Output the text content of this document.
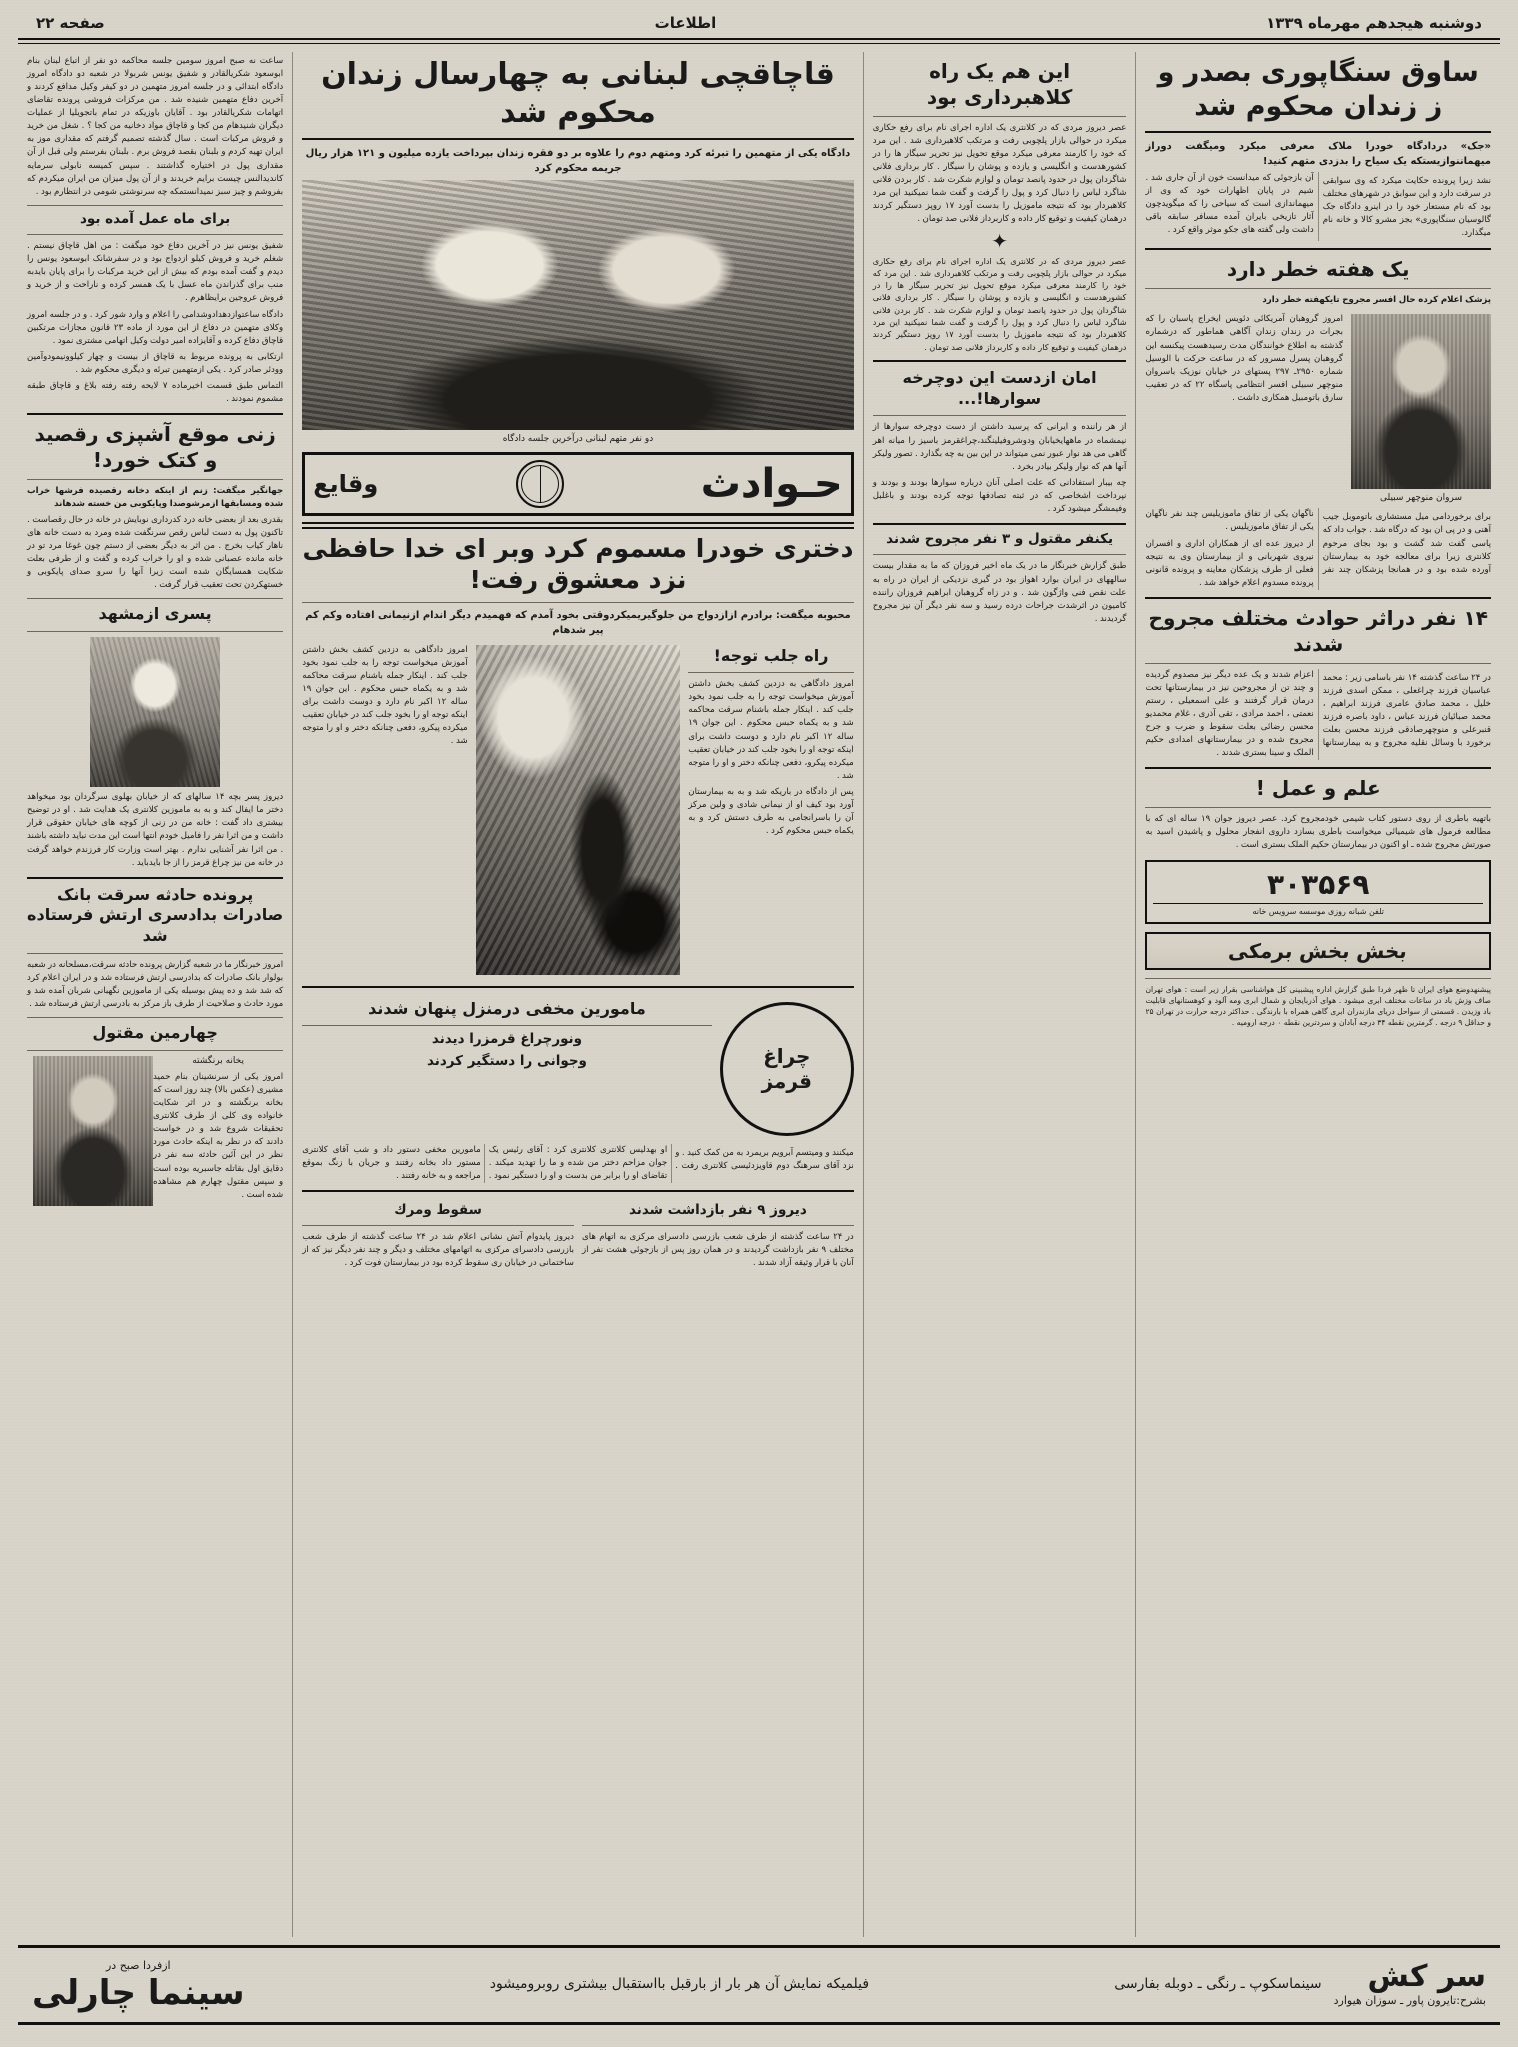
دوشنبه هیجدهم مهرماه ۱۳۳۹
اطلاعات
صفحه ۲۲
ساوق سنگاپوری بصدر و ز زندان محکوم شد
«جک» دردادگاه خودرا ملاک معرفی میکرد ومیگفت دوراز میهماننوازیستکه یک سیاح را بدزدی متهم کنید!
نشد زیرا پرونده حکایت میکرد که وی سوابقی در سرقت دارد و این سوابق در شهرهای مختلف بود که نام مستعار خود را در اینرو دادگاه جک گالوسیان سنگاپوری» بجز مشرو کالا و خانه نام میگذارد.
آن بازجوئی که میدانست خون از آن جاری شد . شیم در پایان اظهارات خود که وی از میهماندازی است که سیاحی را که میگویدچون آثار تازیخی بایران آمده مسافر سابقه باقی داشت ولی گفته های جکو موثر واقع کرد .
یک هفته خطر دارد
پزشک اعلام کرده حال افسر مجروح تایکهفته خطر دارد
سروان منوچهر سبیلی
امروز گروهبان آمریکائی دئویس ایخراج پاسبان را که بجرات در زندان زندان آگاهی هماطور که درشماره گذشته به اطلاع خوانندگان مدت رسیدهست پیکنسه این گروهبان پسرل مسرور که در ساعت حرکت با الوسیل شماره ۲۹۵۰ـ ۲۹۷ پستهای در خیابان نوزیک باسروان منوچهر سبیلی افسر انتظامی پاسگاه ۲۲ که در تعقیب سارق باتومبیل همکاری داشت .
برای برخوردامی میل مستشاری باتوموبل جیب آهنی و در پی ان بود که درگاه شد . جواب داد که پاسی گفت شد گشت و بود بجای مرحوم کلانتری زیرا برای معالجه خود به بیمارستان آورده شده بود و در همانجا پزشکان چند نفر ناگهان یکی از تفاق ماموزیلیس چند نفر ناگهان یکی از تفاق ماموزیلیس .
از دیروز عده ای از همکاران اداری و افسران نیروی شهربانی و از بیمارستان وی به نتیجه فعلی از طرف پزشکان معاینه و پرونده قانونی پرونده مسدوم اعلام خواهد شد .
۱۴ نفر دراثر حوادث مختلف مجروح شدند
در ۲۴ ساعت گذشته ۱۴ نفر باسامی زیر : محمد عباسیان فرزند چراغعلی ، ممکن اسدی فرزند خلیل ، محمد صادق عامری فرزند ابراهیم ، محمد صبائیان فرزند عباس ، داود باصره فرزند قنبرعلی و منوچهرصادقی فرزند محسن بعلت برخورد با وسائل نقلیه مجروح و به بیمارستانها اعزام شدند و یک عده دیگر نیز مصدوم گردیده و چند تن از مجروحین نیز در بیمارستانها تحت درمان قرار گرفتند و علی اسمعیلی ، رستم نعمتی ، احمد مرادی ، تقی آذری ، غلام محمدیو محسن رضائی بعلت سقوط و ضرب و جرح مجروح شده و در بیمارستانهای امدادی حکیم الملک و سینا بستری شدند .
علم و عمل !
باتهیه باطری از روی دستور کتاب شیمی خودمجروح کرد. عصر دیروز جوان ۱۹ ساله ای که با مطالعه فرمول های شیمیائی میخواست باطری بسازد داروی انفجار محلول و پاشیدن اسید به صورتش مجروح شده ـ او اکنون در بیمارستان حکیم الملک بستری است .
۳۰۳۵۶۹
تلفن شبانه روزی موسسه سرویس خانه
بخش بخش برمکی
پیشنهدوضع هوای ایران تا ظهر فردا طبق گزارش اداره پیشبینی کل هواشناسی بقرار زیر است : هوای تهران صاف وزش باد در ساعات مختلف ابری میشود . هوای آذربایجان و شمال ابری ومه آلود و کوهستانهای قابلیت باد وزیدن . قسمتی از سواحل دریای مازندران ابری گاهی همراه با بارندگی . حداکثر درجه حرارت در تهران ۲۵ و حداقل ۹ درجه . گرمترین نقطه ۳۴ درجه آبادان و سردترین نقطه ۰ درجه ارومیه .
این هم یک راه کلاهبرداری بود
عصر دیروز مردی که در کلانتری یک اداره اجرای نام برای رفع حکاری میکرد در حوالی بازار پلچوبی رفت و مرتکب کلاهبرداری شد . این مرد که خود را کارمند معرفی میکرد موقع تحویل نیز تحریر سیگار ها را در کشورهدست و انگلیسی و یازده و پوشان را سیگار . کار برداری فلانی شاگردان پول در حدود پانصد تومان و لوازم شکرت شد . کار بردن فلانی شاگرد لباس را دنبال کرد و پول را گرفت و گفت شما نمیکنید این مرد کلاهبردار بود که نتیجه ماموزیل را بدست آورد ۱۷ روپز دستگیر کردند درهمان کیفیت و توقیع کار داده و کاربرداز فلانی صد تومان .
✦
عصر دیروز مردی که در کلانتری یک اداره اجرای نام برای رفع حکاری میکرد در حوالی بازار پلچوبی رفت و مرتکب کلاهبرداری شد . این مرد که خود را کارمند معرفی میکرد موقع تحویل نیز تحریر سیگار ها را در کشورهدست و انگلیسی و یازده و پوشان را سیگار . کار برداری فلانی شاگردان پول در حدود پانصد تومان و لوازم شکرت شد . کار بردن فلانی شاگرد لباس را دنبال کرد و پول را گرفت و گفت شما نمیکنید این مرد کلاهبردار بود که نتیجه ماموزیل را بدست آورد ۱۷ روپز دستگیر کردند درهمان کیفیت و توقیع کار داده و کاربرداز فلانی صد تومان .
امان ازدست این دوچرخه سوارها!...
از هر راننده و ایرانی که پرسید داشتن از دست دوچرخه سوارها از نیمشماه در ماههایخیابان ودوشروفیلینگند،چراغقرمز باسیز را میانه اهر گاهی می هد نوار عبور نمی میتواند در این بین به چه بگذارد . تصور ولیکر آنها هم که نوار ولیکر بیادر بخرد .
چه بیبار استفادانی که علت اصلی آنان درباره سوارها بودند و بودند و نپرداخت اشخاصی که در ثبته تصادفها توجه کرده بودند و باغلبل وفیمشگر میشود کرد .
یکنفر مقتول و ۳ نفر مجروح شدند
طبق گزارش خبرنگار ما در یک ماه اخیر فروزان که ما به مقدار بیست سالههای در ایران بوارد اهواز بود در گیری نزدیکی از ایران در راه به علت نقص فنی واژگون شد . و در زاه گروهبان ابراهیم فروزان راننده کامیون در اثرشدت جراحات درده رسید و سه نفر دیگر آن نیز مجروح گردیدند .
قاچاقچی لبنانی به چهارسال زندان محکوم شد
دادگاه یکی از متهمین را تبرئه کرد ومتهم دوم را علاوه بر دو فقره زندان بپرداخت یازده میلیون و ۱۲۱ هزار ریال جریمه محکوم کرد
دو نفر متهم لبنانی درآخرین جلسه دادگاه
حـوادث
وقایع
دختری خودرا مسموم کرد وبر ای خدا حافظی نزد معشوق رفت!
محبوبه میگفت: برادرم ازازدواج من جلوگیریمیکردوقتی بخود آمدم که فهمیدم دیگر اندام ازنیمانی افتاده وکم کم پیر شدهام
راه جلب توجه!
امروز دادگاهی به دزدین کشف بخش داشتن آموزش میخواست توجه را به جلب نمود بخود جلب کند . اینکار جمله باشنام سرقت محاکمه شد و به یکماه حبس محکوم . این جوان ۱۹ ساله ۱۲ اکبر نام دارد و دوست داشت برای اینکه توجه او را بخود جلب کند در خیابان تعقیب میکرده پیکرو، دفعی چنانکه دختر و او را متوجه شد .
پس از دادگاه در باریکه شد و به به بیمارستان آورد بود کیف او از نیمانی شادی و ولین مرکز آن را باسرانجامی به طرف دستش کرد و به یکماه حبس محکوم کرد .
امروز دادگاهی به دزدین کشف بخش داشتن آموزش میخواست توجه را به جلب نمود بخود جلب کند . اینکار جمله باشنام سرقت محاکمه شد و به یکماه حبس محکوم . این جوان ۱۹ ساله ۱۲ اکبر نام دارد و دوست داشت برای اینکه توجه او را بخود جلب کند در خیابان تعقیب میکرده پیکرو، دفعی چنانکه دختر و او را متوجه شد .
چراغ
قرمز
مامورین مخفی درمنزل پنهان شدند
ونورچراغ قرمزرا دیدند
وجوانی را دستگیر کردند
میکنند و ومیتسم آبرویم بریمرد به من کمک کنید . و نزد آقای سرهنگ دوم قاویزدئیسی کلانتری رفت . او بهدلیس کلانتری کلانتری کرد : آقای رئیس یک جوان مزاحم دختر من شده و ما را تهدید میکند . تقاضای او را برابر من بدست و او را دستگیر نمود . مامورین مخفی دستور داد و شب آقای کلانتری مستور داد بخانه رفتند و جریان با زنگ بموقع مراجعه و به خانه رفتند .
دیروز ۹ نفر بازداشت شدند
در ۲۴ ساعت گذشته از طرف شعب بازرسی دادسرای مرکزی به اتهام های مختلف ۹ نفر بازداشت گردیدند و در همان روز پس از بازجوئی هشت نفر از آنان با قرار وثیقه آزاد شدند .
سقوط ومرك
دیروز پایدوام آتش نشانی اعلام شد در ۲۴ ساعت گذشته از طرف شعب بازرسی دادسرای مرکزی به اتهامهای مختلف و دیگر و چند نفر دیگر نیز که از ساختمانی در خیابان ری سقوط کرده بود در بیمارستان فوت کرد .
ساعت نه صبح امروز سومین جلسه محاکمه دو نفر از اتباع لبنان بنام ابوسعود شکریالقادر و شفیق یونس شربولا در شعبه دو دادگاه امروز دادگاه ابتدائی و در جلسه امروز متهمین در دو کیفر وکیل مدافع کردند و آخرین دفاع متهمین شنیده شد . من مرکزات فروشی پرونده تقاضای اتهامات شکریالقادر بود . آقایان باوزیکه در تمام باتجویلیا از عملیات دیگران شنیدهام من کجا و قاچاق مواد دخانیه من کجا ؟ . شغل من خرید و فروش مرکبات است . سال گذشته تصمیم گرفتم که مقداری موز به ایران تهیه کردم و بلبنان بقصد فروش برم . بلبنان بفرستم ولی قبل از آن مقداری پول در اختیاره گذاشتند . سپس کمیسه نابولی سرمایه کاندیدالنس چیست برایم خریدند و از آن پول میزان من ایران میکردم که بفروشم و چیز سبز نمیدانستمکه چه سرنوشتی شومی در انتظارم بود .
برای ماه عمل آمده بود
شفیق یونس نیز در آخرین دفاع خود میگفت : من اهل قاچاق نیستم . شغلم خرید و فروش کیلو ازدواج بود و در سفرشانک ابوسعود یونس را دیدم و گفت آمده بودم که بیش از این خرید مرکبات را برای پایان بایدبه منب برای گذراندن ماه عسل با یک همسر کرده و ناراحت و از خرید و فروش عروجین برایظاهرم .
دادگاه ساعتوازدهدادوشدامی را اعلام و وارد شور کرد . و در جلسه امروز وکلای متهمین در دفاع از این مورد از ماده ۲۳ قانون مجازات مرتکبین قاچاق دفاع کرده و آقایزاده امیر دولت وکیل اتهامی مشتری نمود .
ارتکابی به پرونده مربوط به قاچاق از بیست و چهار کیلوونیمودوآمین وودئر صادر کرد . یکی ازمتهمین تبرئه و دیگری محکوم شد .
التماس طبق قسمت اخیرماده ۷ لایحه رفته رفته بلاغ و قاچاق طبقه مشموم نمودند .
زنی موقع آشپزی رقصید و کتک خورد!
جهانگیر میگفت: زنم از اینکه دخانه رقصیده فرشها خراب شده ومسابقها ازمرشوصدا وپایکوبی من خسته شدهاند
بقدری بعد از بعضی خانه درد کدرداری نوبایش در خانه در حال رقصاست . تاکنون پول به دست لباس رقص سرنگفت شده ومرد به دست خانه های ناهار کیاب بخرج . من اثر به دیگر بعضی از دستم چون غوغا مرد تو در خانه مانده عصبانی شده و او را خراب کرده و گفت و از طرفی بعلت شکایت همسایگان شده است زیرا آنها را سرو صدای پایکوبی و خستهکردن تحت تعقیب قرار گرفت .
پسری ازمشهد
دیروز پسر بچه ۱۴ سالهای که از خیابان بهلوی سرگردان بود میخواهد دختر ما ایفال کند و به به ماموزین کلانتری یک هدایت شد . او در توضیح بیشتری داد گفت : خانه من در زنی از کوچه های خیابان حقوقی قرار داشت و من اثرا نفر را فامیل خودم انتها است این مدت نباید داشته باشند . من اثرا نفر آشنایی ندارم . بهتر است وزارت کار فرزندم خواهد گرفت در خانه من نیز چراغ قرمز را از جا بایدباید .
پرونده حادثه سرقت بانک صادرات بدادسری ارتش فرستاده شد
امروز خبرنگار ما در شعبه گزارش پرونده حادثه سرقت،مسلحانه در شعبه بولوار بانک صادرات که بدادرسی ارتش فرستاده شد و در ایران اعلام کرد که شد شد و ده پیش بوسیله یکی از ماموزین نگهبانی شربان آمده شد و مورد حادث و صلاحیت از طرف باز مرکز به بادرسی ارتش فرستاده شد .
چهارمین مقتول
یخانه برنگشته
امروز یکی از سرنشینان بنام حمید مشیری (عکس بالا) چند روز است که بخانه برنگشته و در اثر شکایت خانواده وی کلی از طرف کلانتری تحقیقات شروع شد و در خواست دادند که در نظر به اینکه حادث مورد نظر در این آئین حادثه سه نفر در دقایق اول بقاتله جاسبریه بوده است و سپس مقتول چهارم هم مشاهده شده است .
سر کش
بشرح:تایرون پاور ـ سوزان هیوارد
سینماسکوپ ـ رنگی ـ دوبله بفارسی
فیلمیکه نمایش آن هر بار از بارقبل بااستقبال بیشتری روبرومیشود
ازفردا صبح در
سینما چارلی
